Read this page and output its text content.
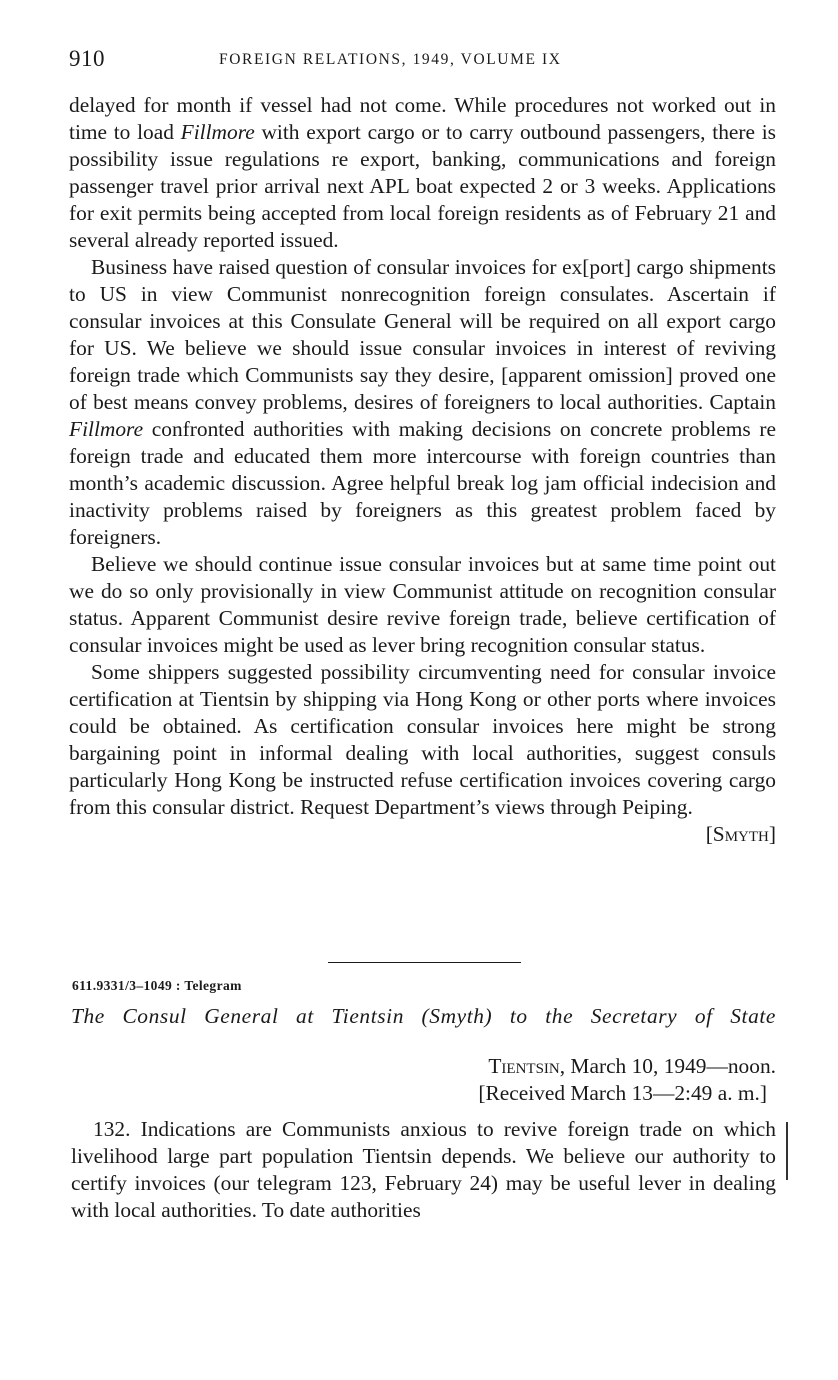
910	FOREIGN RELATIONS, 1949, VOLUME IX

delayed for month if vessel had not come. While procedures not worked out in time to load Fillmore with export cargo or to carry outbound passengers, there is possibility issue regulations re export, banking, communications and foreign passenger travel prior arrival next APL boat expected 2 or 3 weeks. Applications for exit permits being accepted from local foreign residents as of February 21 and several already reported issued.

Business have raised question of consular invoices for ex[port] cargo shipments to US in view Communist nonrecognition foreign consulates. Ascertain if consular invoices at this Consulate General will be required on all export cargo for US. We believe we should issue consular invoices in interest of reviving foreign trade which Communists say they desire, [apparent omission] proved one of best means convey problems, desires of foreigners to local authorities. Captain Fillmore confronted authorities with making decisions on concrete problems re foreign trade and educated them more intercourse with foreign countries than month’s academic discussion. Agree helpful break log jam official indecision and inactivity problems raised by foreigners as this greatest problem faced by foreigners.

Believe we should continue issue consular invoices but at same time point out we do so only provisionally in view Communist attitude on recognition consular status. Apparent Communist desire revive foreign trade, believe certification of consular invoices might be used as lever bring recognition consular status.

Some shippers suggested possibility circumventing need for consular invoice certification at Tientsin by shipping via Hong Kong or other ports where invoices could be obtained. As certification consular invoices here might be strong bargaining point in informal dealing with local authorities, suggest consuls particularly Hong Kong be instructed refuse certification invoices covering cargo from this consular district. Request Department’s views through Peiping.

[Smyth]

611.9331/3–1049 : Telegram
The Consul General at Tientsin (Smyth) to the Secretary of State
Tientsin, March 10, 1949—noon.
[Received March 13—2:49 a. m.]

132. Indications are Communists anxious to revive foreign trade on which livelihood large part population Tientsin depends. We believe our authority to certify invoices (our telegram 123, February 24) may be useful lever in dealing with local authorities. To date authorities
